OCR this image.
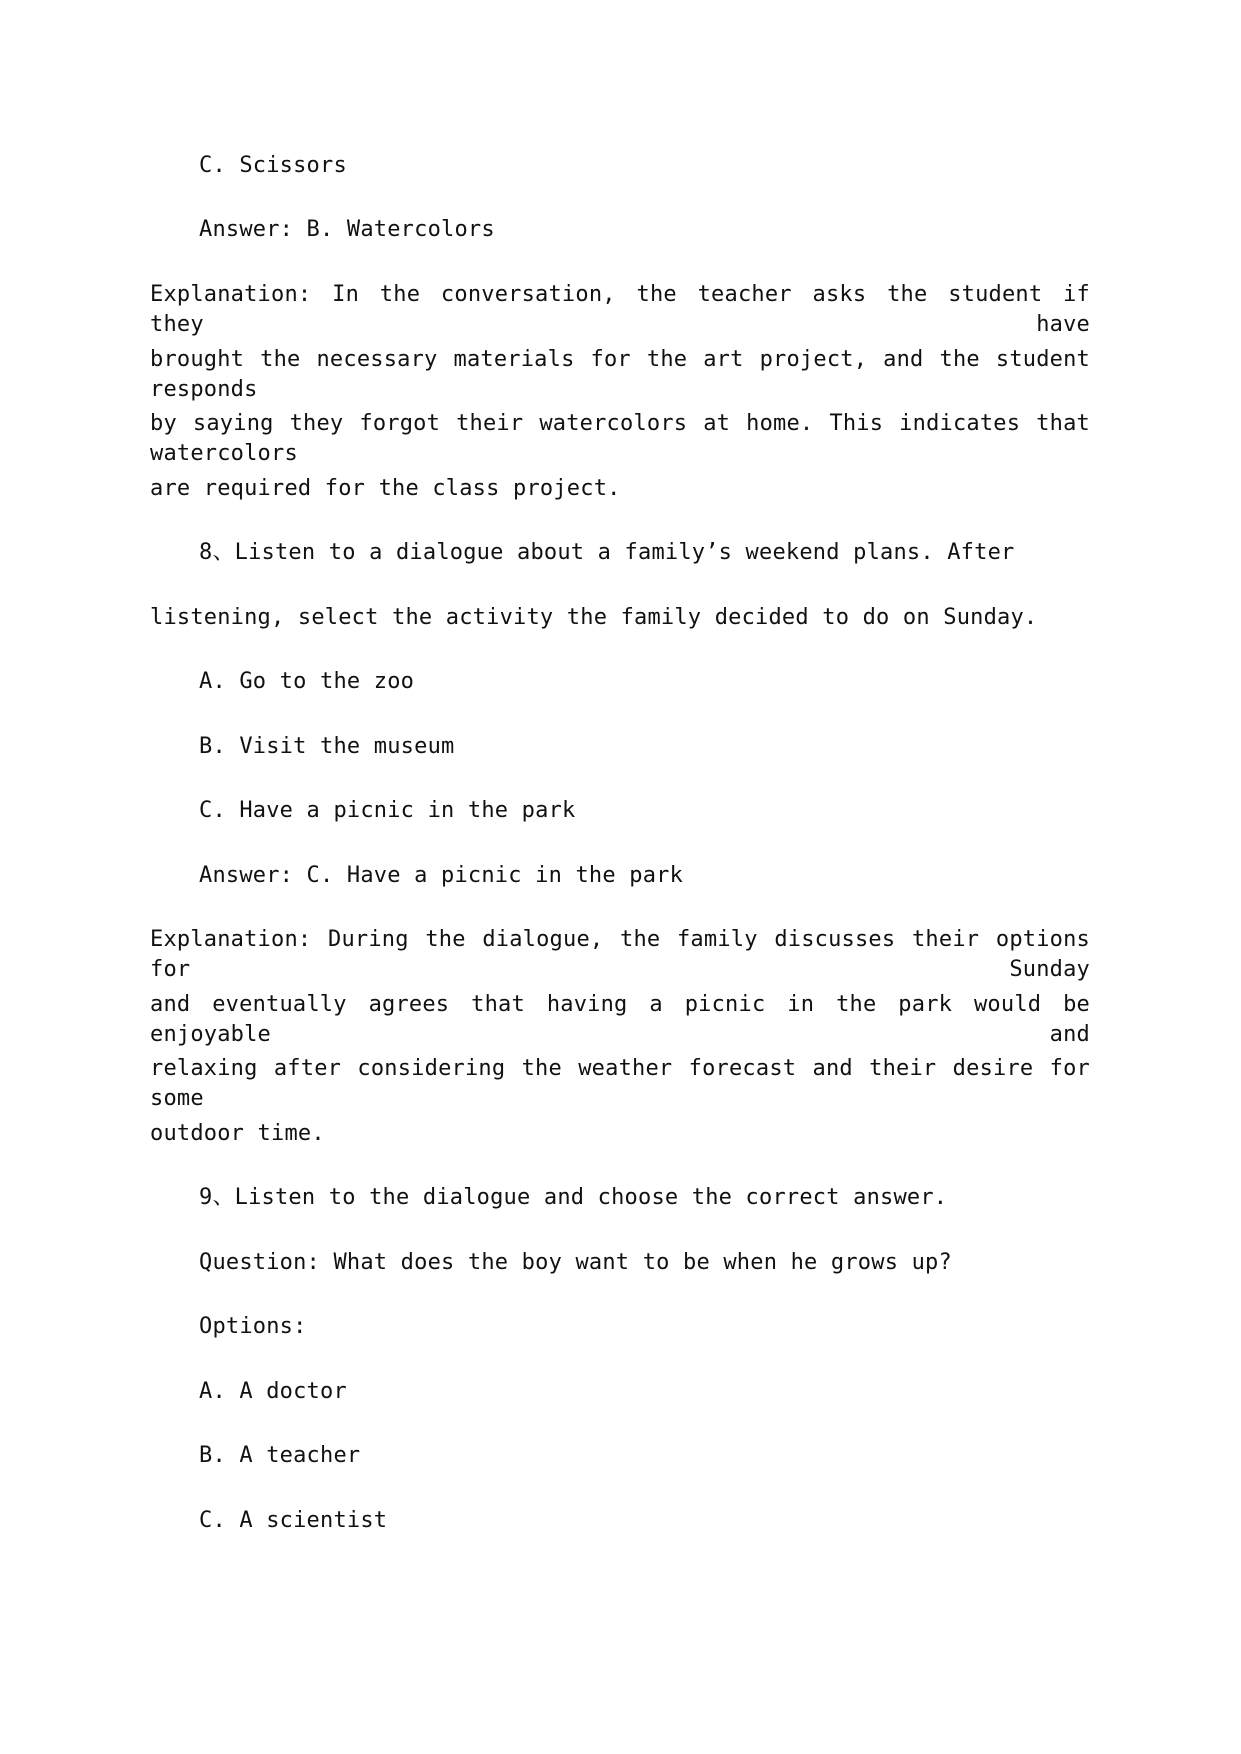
C. Scissors
Answer: B. Watercolors
Explanation: In the conversation, the teacher asks the student if they have
brought the necessary materials for the art project, and the student responds
by saying they forgot their watercolors at home. This indicates that watercolors
are required for the class project.
8、Listen to a dialogue about a family’s weekend plans. After
listening, select the activity the family decided to do on Sunday.
A. Go to the zoo
B. Visit the museum
C. Have a picnic in the park
Answer: C. Have a picnic in the park
Explanation: During the dialogue, the family discusses their options for Sunday
and eventually agrees that having a picnic in the park would be enjoyable and
relaxing after considering the weather forecast and their desire for some
outdoor time.
9、Listen to the dialogue and choose the correct answer.
Question: What does the boy want to be when he grows up?
Options:
A. A doctor
B. A teacher
C. A scientist
